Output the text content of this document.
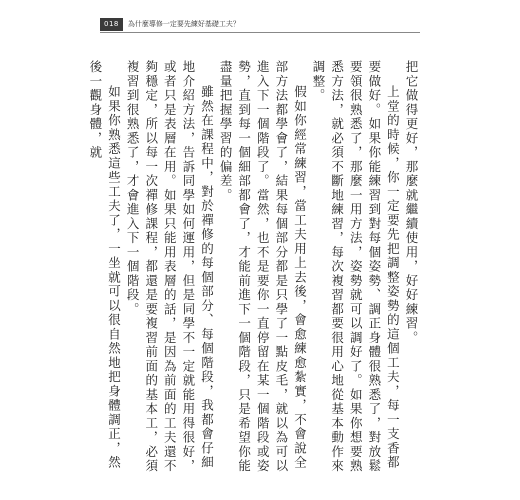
018	為什麼導修一定要先練好基礎工夫？

把它做得更好，那麼就繼續使用，好好練習。

上堂的時候，你一定要先把調整姿勢的這個工夫，每一支香都要做好。如果你能練習到對每個姿勢、調正身體很熟悉了，對放鬆要領很熟悉了，那麼一用方法，姿勢就可以調好了。如果你想要熟悉方法，就必須不斷地練習，每次複習都要很用心地從基本動作來調整。

假如你經常練習，當工夫用上去後，會愈練愈紮實，不會說全部方法都學會了，結果每個部分都是只學了一點皮毛，就以為可以進入下一個階段了。當然，也不是要你一直停留在某一個階段或姿勢，直到每一個細部都會了，才能前進下一個階段，只是希望你能盡量把握學習的偏差。

雖然在課程中，對於禪修的每個部分、每個階段，我都會仔細地介紹方法，告訴同學如何運用，但是同學不一定就能用得很好，或者只是表層在用。如果只能用表層的話，是因為前面的工夫還不夠穩定，所以每一次禪修課程，都還是要複習前面的基本工，必須複習到很熟悉了，才會進入下一個階段。

如果你熟悉這些工夫了，一坐就可以很自然地把身體調正，然後一觀身體，就
